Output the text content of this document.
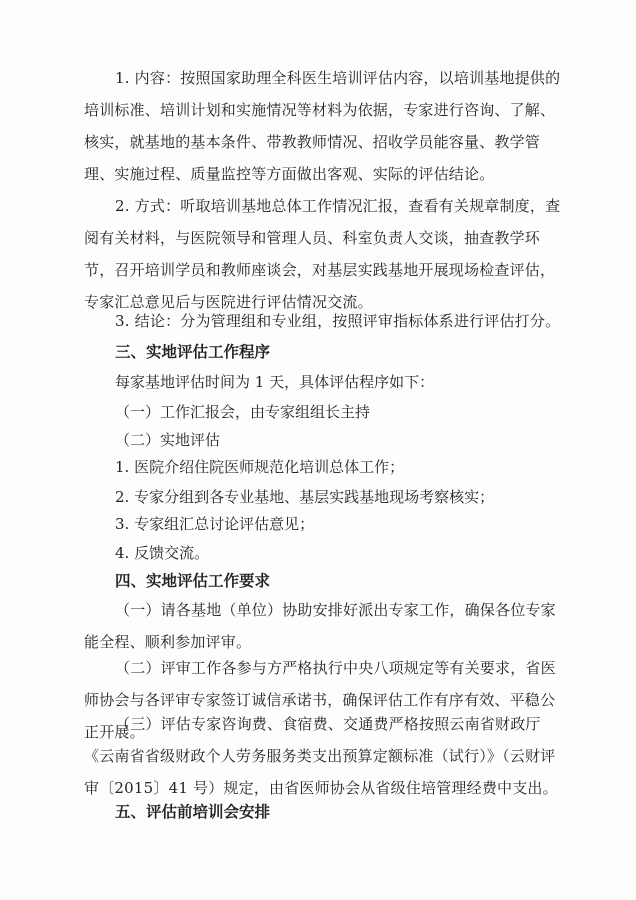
1. 内容：按照国家助理全科医生培训评估内容，以培训基地提供的培训标准、培训计划和实施情况等材料为依据，专家进行咨询、了解、核实，就基地的基本条件、带教教师情况、招收学员能容量、教学管理、实施过程、质量监控等方面做出客观、实际的评估结论。
2. 方式：听取培训基地总体工作情况汇报，查看有关规章制度，查阅有关材料，与医院领导和管理人员、科室负责人交谈，抽查教学环节，召开培训学员和教师座谈会，对基层实践基地开展现场检查评估，专家汇总意见后与医院进行评估情况交流。
3. 结论：分为管理组和专业组，按照评审指标体系进行评估打分。
三、实地评估工作程序
每家基地评估时间为 1 天，具体评估程序如下：
（一）工作汇报会，由专家组组长主持
（二）实地评估
1. 医院介绍住院医师规范化培训总体工作；
2. 专家分组到各专业基地、基层实践基地现场考察核实；
3. 专家组汇总讨论评估意见；
4. 反馈交流。
四、实地评估工作要求
（一）请各基地（单位）协助安排好派出专家工作，确保各位专家能全程、顺利参加评审。
（二）评审工作各参与方严格执行中央八项规定等有关要求，省医师协会与各评审专家签订诚信承诺书，确保评估工作有序有效、平稳公正开展。
（三）评估专家咨询费、食宿费、交通费严格按照云南省财政厅《云南省省级财政个人劳务服务类支出预算定额标准（试行）》（云财评审〔2015〕41 号）规定，由省医师协会从省级住培管理经费中支出。
五、评估前培训会安排
